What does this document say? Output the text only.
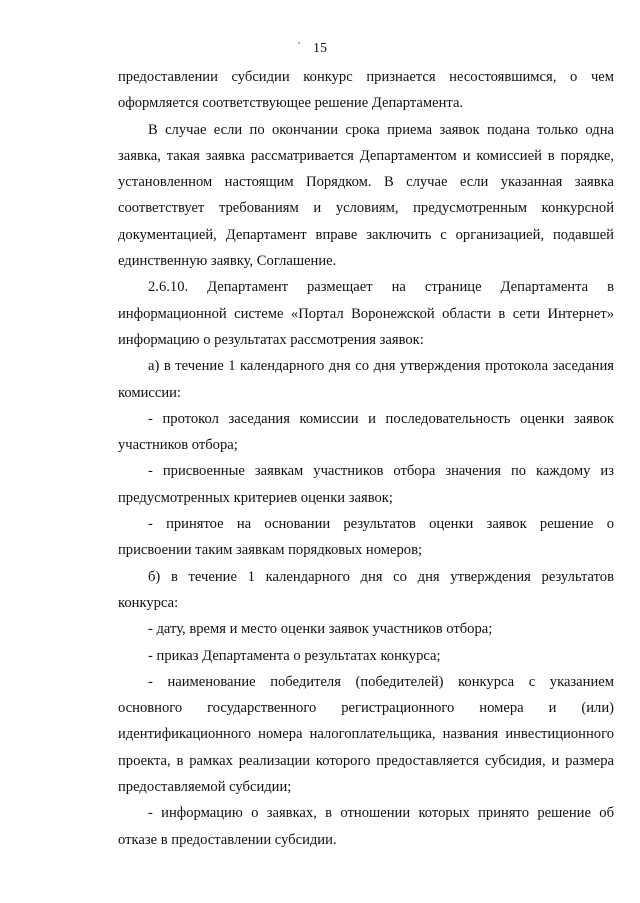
15

предоставлении субсидии конкурс признается несостоявшимся, о чем оформляется соответствующее решение Департамента.

В случае если по окончании срока приема заявок подана только одна заявка, такая заявка рассматривается Департаментом и комиссией в порядке, установленном настоящим Порядком. В случае если указанная заявка соответствует требованиям и условиям, предусмотренным конкурсной документацией, Департамент вправе заключить с организацией, подавшей единственную заявку, Соглашение.

2.6.10. Департамент размещает на странице Департамента в информационной системе «Портал Воронежской области в сети Интернет» информацию о результатах рассмотрения заявок:

а) в течение 1 календарного дня со дня утверждения протокола заседания комиссии:

- протокол заседания комиссии и последовательность оценки заявок участников отбора;

- присвоенные заявкам участников отбора значения по каждому из предусмотренных критериев оценки заявок;

- принятое на основании результатов оценки заявок решение о присвоении таким заявкам порядковых номеров;

б) в течение 1 календарного дня со дня утверждения результатов конкурса:

- дату, время и место оценки заявок участников отбора;

- приказ Департамента о результатах конкурса;

- наименование победителя (победителей) конкурса с указанием основного государственного регистрационного номера и (или) идентификационного номера налогоплательщика, названия инвестиционного проекта, в рамках реализации которого предоставляется субсидия, и размера предоставляемой субсидии;

- информацию о заявках, в отношении которых принято решение об отказе в предоставлении субсидии.
